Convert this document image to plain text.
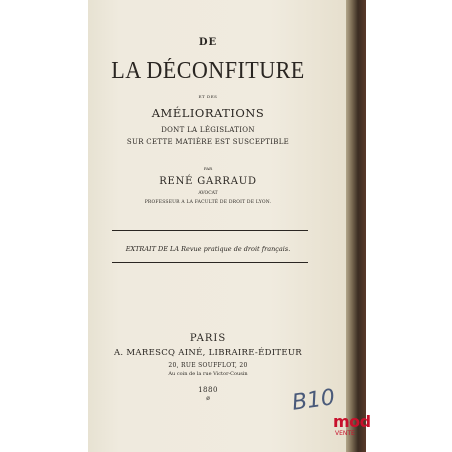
DE
LA DÉCONFITURE
ET DES
AMÉLIORATIONS
DONT LA LÉGISLATION
SUR CETTE MATIÈRE EST SUSCEPTIBLE
PAR
RENÉ GARRAUD
AVOCAT
PROFESSEUR A LA FACULTÉ DE DROIT DE LYON.
EXTRAIT DE LA Revue pratique de droit français.
PARIS
A. MARESCQ AINÉ, LIBRAIRE-ÉDITEUR
20, RUE SOUFFLOT, 20
Au coin de la rue Victor-Cousin
1880
ø	B10
mod
VENTE
